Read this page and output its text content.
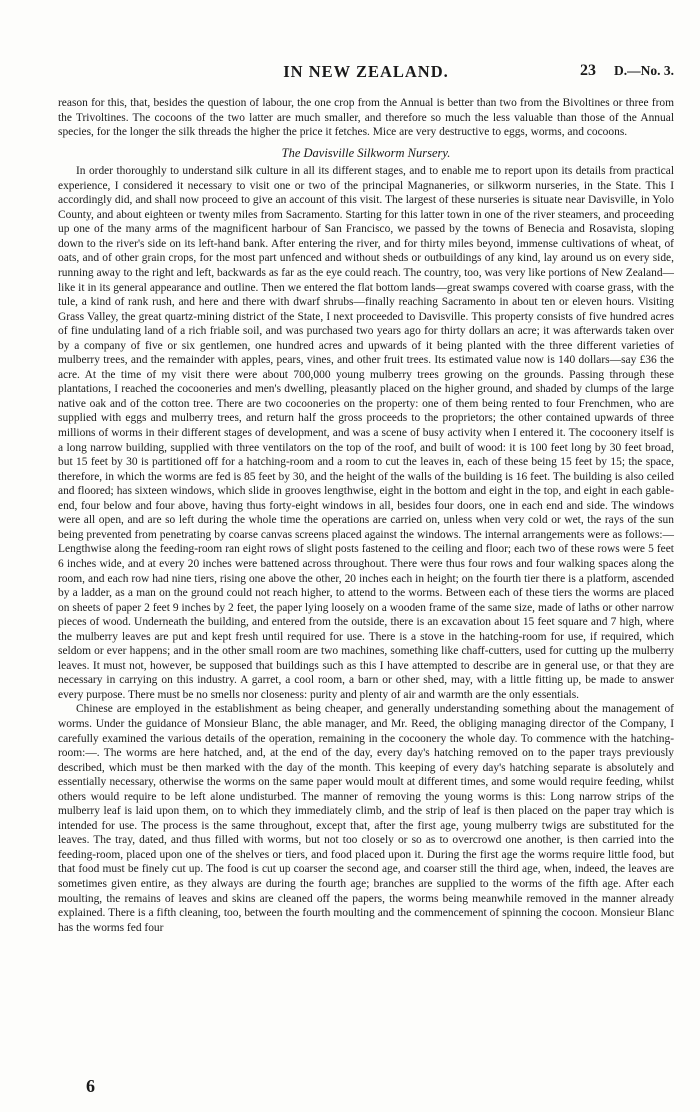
IN NEW ZEALAND.	23 D.—No. 3.

reason for this, that, besides the question of labour, the one crop from the Annual is better than two from the Bivoltines or three from the Trivoltines. The cocoons of the two latter are much smaller, and therefore so much the less valuable than those of the Annual species, for the longer the silk threads the higher the price it fetches. Mice are very destructive to eggs, worms, and cocoons.

The Davisville Silkworm Nursery.

In order thoroughly to understand silk culture in all its different stages, and to enable me to report upon its details from practical experience, I considered it necessary to visit one or two of the principal Magnaneries, or silkworm nurseries, in the State. This I accordingly did, and shall now proceed to give an account of this visit. The largest of these nurseries is situate near Davisville, in Yolo County, and about eighteen or twenty miles from Sacramento. Starting for this latter town in one of the river steamers, and proceeding up one of the many arms of the magnificent harbour of San Francisco, we passed by the towns of Benecia and Rosavista, sloping down to the river's side on its left-hand bank. After entering the river, and for thirty miles beyond, immense cultivations of wheat, of oats, and of other grain crops, for the most part unfenced and without sheds or outbuildings of any kind, lay around us on every side, running away to the right and left, backwards as far as the eye could reach. The country, too, was very like portions of New Zealand—like it in its general appearance and outline. Then we entered the flat bottom lands—great swamps covered with coarse grass, with the tule, a kind of rank rush, and here and there with dwarf shrubs—finally reaching Sacramento in about ten or eleven hours. Visiting Grass Valley, the great quartz-mining district of the State, I next proceeded to Davisville. This property consists of five hundred acres of fine undulating land of a rich friable soil, and was purchased two years ago for thirty dollars an acre; it was afterwards taken over by a company of five or six gentlemen, one hundred acres and upwards of it being planted with the three different varieties of mulberry trees, and the remainder with apples, pears, vines, and other fruit trees. Its estimated value now is 140 dollars—say £36 the acre. At the time of my visit there were about 700,000 young mulberry trees growing on the grounds. Passing through these plantations, I reached the cocooneries and men's dwelling, pleasantly placed on the higher ground, and shaded by clumps of the large native oak and of the cotton tree. There are two cocooneries on the property: one of them being rented to four Frenchmen, who are supplied with eggs and mulberry trees, and return half the gross proceeds to the proprietors; the other contained upwards of three millions of worms in their different stages of development, and was a scene of busy activity when I entered it. The cocoonery itself is a long narrow building, supplied with three ventilators on the top of the roof, and built of wood: it is 100 feet long by 30 feet broad, but 15 feet by 30 is partitioned off for a hatching-room and a room to cut the leaves in, each of these being 15 feet by 15; the space, therefore, in which the worms are fed is 85 feet by 30, and the height of the walls of the building is 16 feet. The building is also ceiled and floored; has sixteen windows, which slide in grooves lengthwise, eight in the bottom and eight in the top, and eight in each gable-end, four below and four above, having thus forty-eight windows in all, besides four doors, one in each end and side. The windows were all open, and are so left during the whole time the operations are carried on, unless when very cold or wet, the rays of the sun being prevented from penetrating by coarse canvas screens placed against the windows. The internal arrangements were as follows:—Lengthwise along the feeding-room ran eight rows of slight posts fastened to the ceiling and floor; each two of these rows were 5 feet 6 inches wide, and at every 20 inches were battened across throughout. There were thus four rows and four walking spaces along the room, and each row had nine tiers, rising one above the other, 20 inches each in height; on the fourth tier there is a platform, ascended by a ladder, as a man on the ground could not reach higher, to attend to the worms. Between each of these tiers the worms are placed on sheets of paper 2 feet 9 inches by 2 feet, the paper lying loosely on a wooden frame of the same size, made of laths or other narrow pieces of wood. Underneath the building, and entered from the outside, there is an excavation about 15 feet square and 7 high, where the mulberry leaves are put and kept fresh until required for use. There is a stove in the hatching-room for use, if required, which seldom or ever happens; and in the other small room are two machines, something like chaff-cutters, used for cutting up the mulberry leaves. It must not, however, be supposed that buildings such as this I have attempted to describe are in general use, or that they are necessary in carrying on this industry. A garret, a cool room, a barn or other shed, may, with a little fitting up, be made to answer every purpose. There must be no smells nor closeness: purity and plenty of air and warmth are the only essentials.

Chinese are employed in the establishment as being cheaper, and generally understanding something about the management of worms. Under the guidance of Monsieur Blanc, the able manager, and Mr. Reed, the obliging managing director of the Company, I carefully examined the various details of the operation, remaining in the cocoonery the whole day. To commence with the hatching-room:—. The worms are here hatched, and, at the end of the day, every day's hatching removed on to the paper trays previously described, which must be then marked with the day of the month. This keeping of every day's hatching separate is absolutely and essentially necessary, otherwise the worms on the same paper would moult at different times, and some would require feeding, whilst others would require to be left alone undisturbed. The manner of removing the young worms is this: Long narrow strips of the mulberry leaf is laid upon them, on to which they immediately climb, and the strip of leaf is then placed on the paper tray which is intended for use. The process is the same throughout, except that, after the first age, young mulberry twigs are substituted for the leaves. The tray, dated, and thus filled with worms, but not too closely or so as to overcrowd one another, is then carried into the feeding-room, placed upon one of the shelves or tiers, and food placed upon it. During the first age the worms require little food, but that food must be finely cut up. The food is cut up coarser the second age, and coarser still the third age, when, indeed, the leaves are sometimes given entire, as they always are during the fourth age; branches are supplied to the worms of the fifth age. After each moulting, the remains of leaves and skins are cleaned off the papers, the worms being meanwhile removed in the manner already explained. There is a fifth cleaning, too, between the fourth moulting and the commencement of spinning the cocoon. Monsieur Blanc has the worms fed four

6
